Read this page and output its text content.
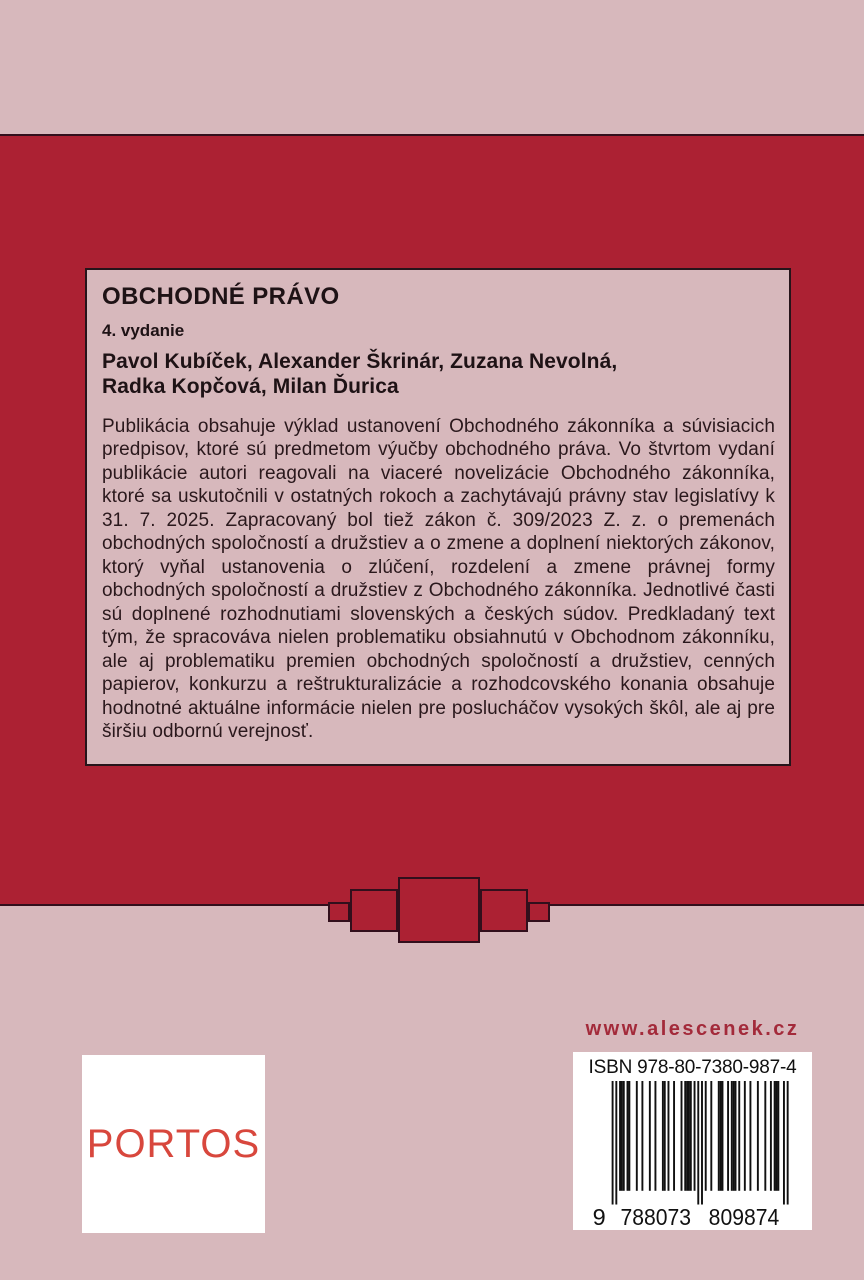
OBCHODNÉ PRÁVO
4. vydanie
Pavol Kubíček, Alexander Škrinár, Zuzana Nevolná,
Radka Kopčová, Milan Ďurica

Publikácia obsahuje výklad ustanovení Obchodného zákonníka a súvisiacich predpisov, ktoré sú predmetom výučby obchodného práva. Vo štvrtom vydaní publikácie autori reagovali na viaceré novelizácie Obchodného zákonníka, ktoré sa uskutočnili v ostatných rokoch a zachytávajú právny stav legislatívy k 31. 7. 2025. Zapracovaný bol tiež zákon č. 309/2023 Z. z. o premenách obchodných spoločností a družstiev a o zmene a doplnení niektorých zákonov, ktorý vyňal ustanovenia o zlúčení, rozdelení a zmene právnej formy obchodných spoločností a družstiev z Obchodného zákonníka. Jednotlivé časti sú doplnené rozhodnutiami slovenských a českých súdov. Predkladaný text tým, že spracováva nielen problematiku obsiahnutú v Obchodnom zákonníku, ale aj problematiku premien obchodných spoločností a družstiev, cenných papierov, konkurzu a reštrukturalizácie a rozhodcovského konania obsahuje hodnotné aktuálne informácie nielen pre poslucháčov vysokých škôl, ale aj pre širšiu odbornú verejnosť.

PORTOS
www.alescenek.cz
ISBN 978-80-7380-987-4
9 788073 809874
